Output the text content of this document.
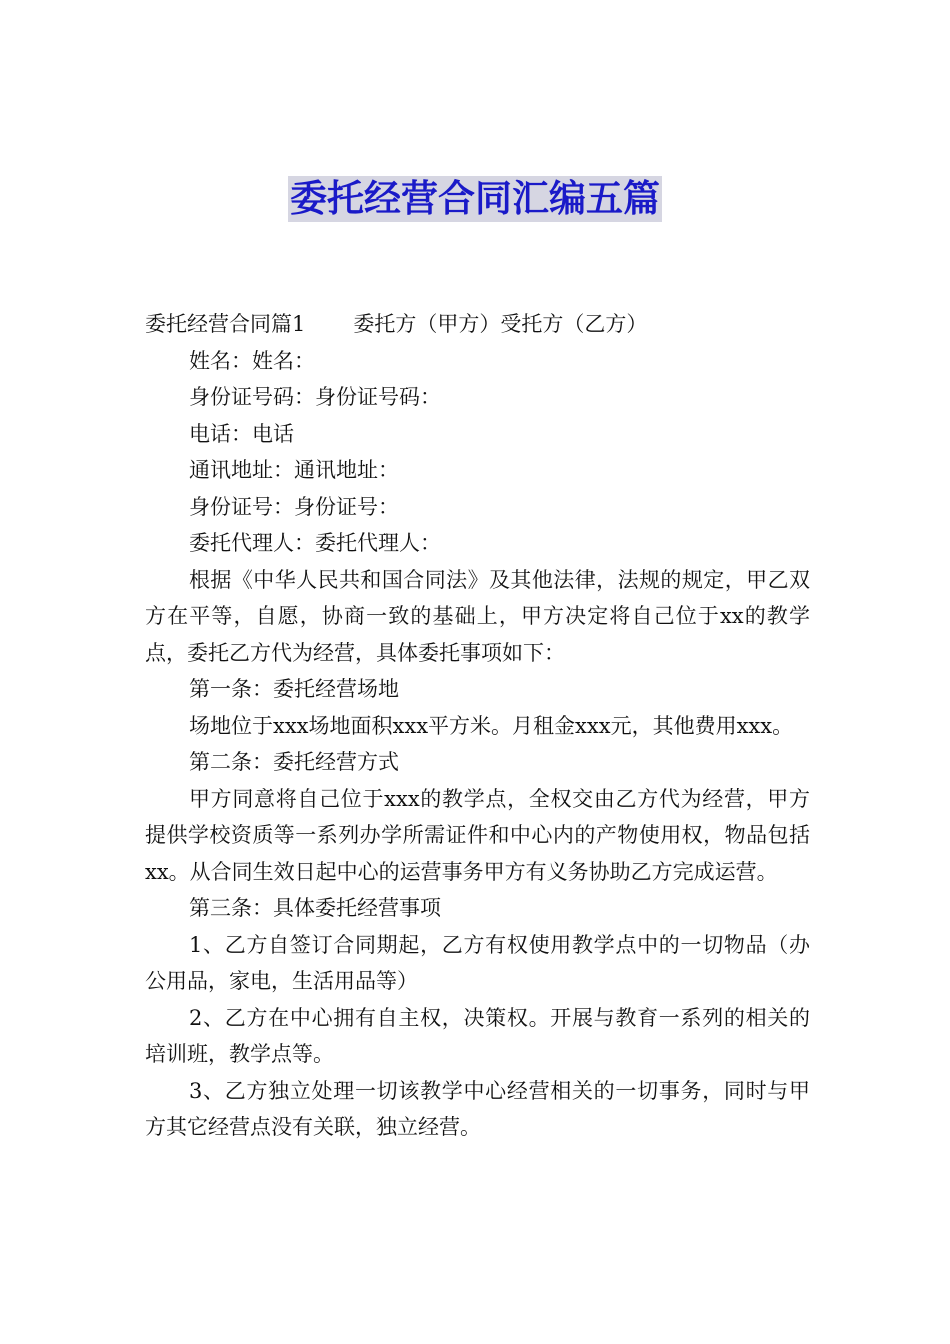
委托经营合同汇编五篇

委托经营合同篇1 委托方（甲方）受托方（乙方）

姓名：姓名：

身份证号码：身份证号码：

电话：电话

通讯地址：通讯地址：

身份证号：身份证号：

委托代理人：委托代理人：

根据《中华人民共和国合同法》及其他法律，法规的规定，甲乙双方在平等，自愿，协商一致的基础上，甲方决定将自己位于xx的教学点，委托乙方代为经营，具体委托事项如下：

第一条：委托经营场地

场地位于xxx场地面积xxx平方米。月租金xxx元，其他费用xxx。

第二条：委托经营方式

甲方同意将自己位于xxx的教学点，全权交由乙方代为经营，甲方提供学校资质等一系列办学所需证件和中心内的产物使用权，物品包括xx。从合同生效日起中心的运营事务甲方有义务协助乙方完成运营。

第三条：具体委托经营事项

1、乙方自签订合同期起，乙方有权使用教学点中的一切物品（办公用品，家电，生活用品等）

2、乙方在中心拥有自主权，决策权。开展与教育一系列的相关的培训班，教学点等。

3、乙方独立处理一切该教学中心经营相关的一切事务，同时与甲方其它经营点没有关联，独立经营。
